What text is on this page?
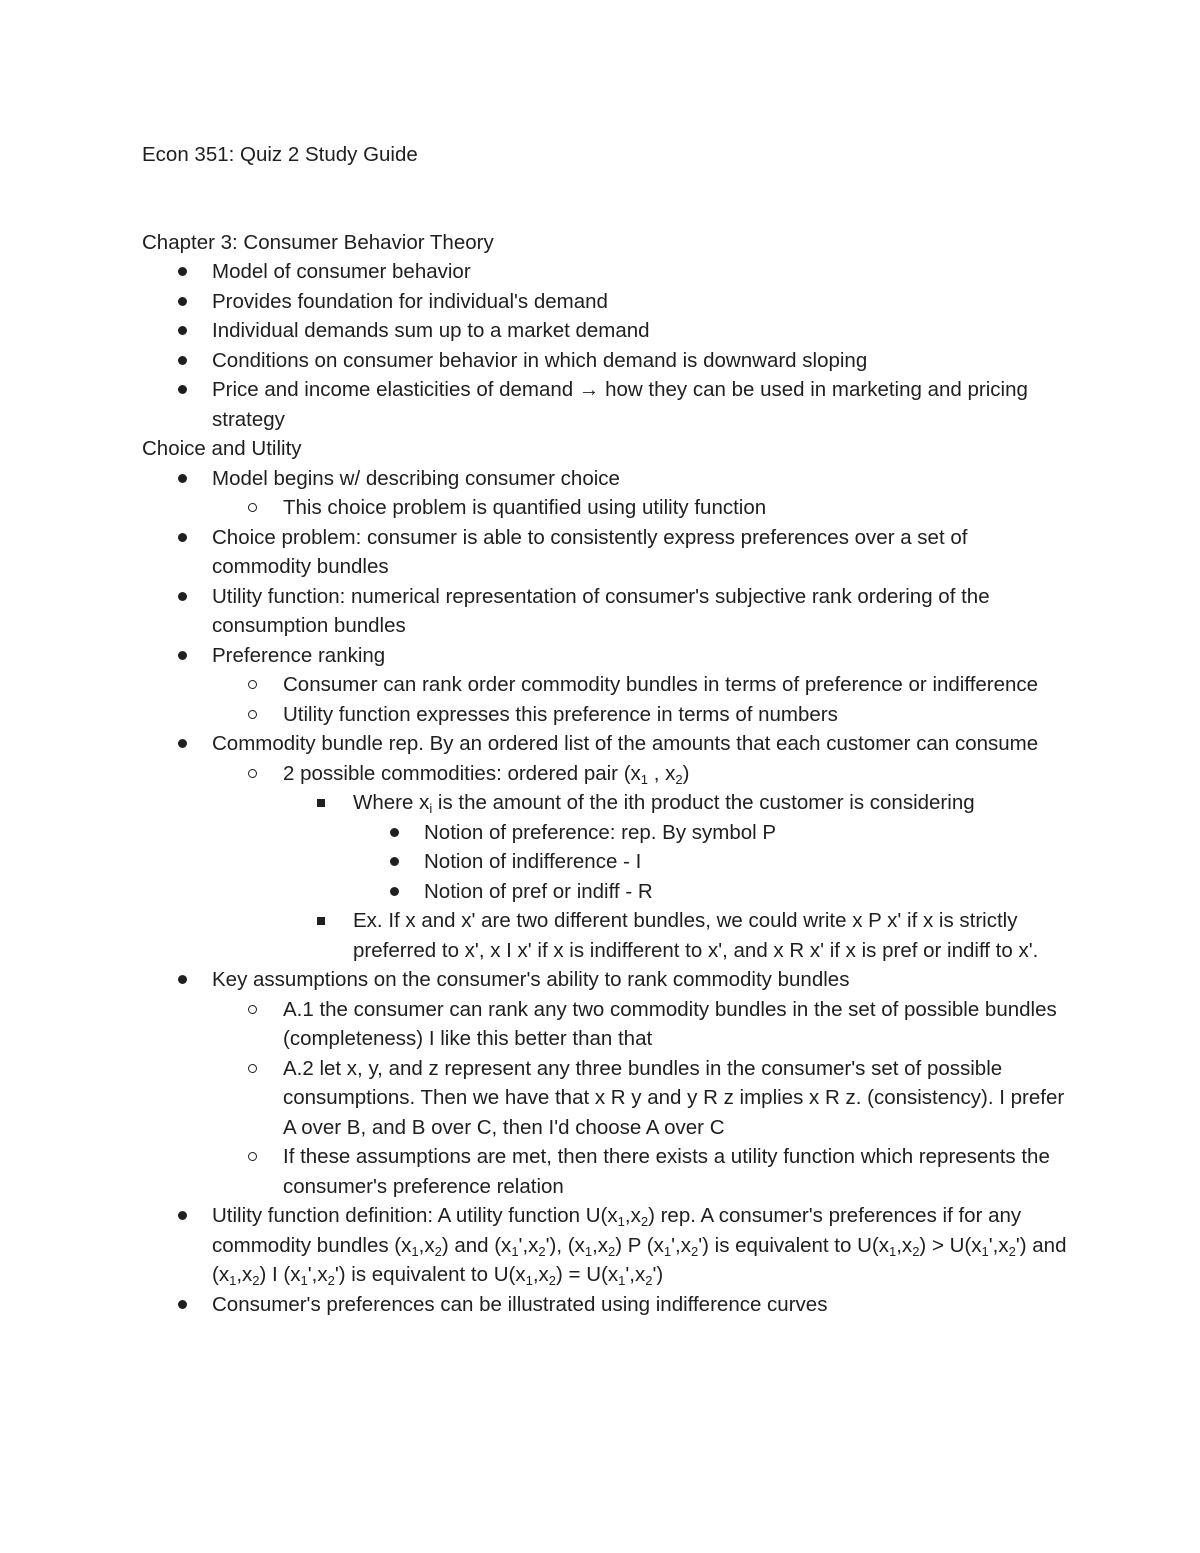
Econ 351: Quiz 2 Study Guide
Chapter 3: Consumer Behavior Theory
Model of consumer behavior
Provides foundation for individual's demand
Individual demands sum up to a market demand
Conditions on consumer behavior in which demand is downward sloping
Price and income elasticities of demand → how they can be used in marketing and pricing strategy
Choice and Utility
Model begins w/ describing consumer choice
This choice problem is quantified using utility function
Choice problem: consumer is able to consistently express preferences over a set of commodity bundles
Utility function: numerical representation of consumer's subjective rank ordering of the consumption bundles
Preference ranking
Consumer can rank order commodity bundles in terms of preference or indifference
Utility function expresses this preference in terms of numbers
Commodity bundle rep. By an ordered list of the amounts that each customer can consume
2 possible commodities: ordered pair ($x_1$ , $x_2$)
Where $x_i$ is the amount of the ith product the customer is considering
Notion of preference: rep. By symbol P
Notion of indifference - I
Notion of pref or indiff - R
Ex. If x and x' are two different bundles, we could write x P x' if x is strictly preferred to x', x I x' if x is indifferent to x', and x R x' if x is pref or indiff to x'.
Key assumptions on the consumer's ability to rank commodity bundles
A.1 the consumer can rank any two commodity bundles in the set of possible bundles (completeness) I like this better than that
A.2 let x, y, and z represent any three bundles in the consumer's set of possible consumptions. Then we have that x R y and y R z implies x R z. (consistency). I prefer A over B, and B over C, then I'd choose A over C
If these assumptions are met, then there exists a utility function which represents the consumer's preference relation
Utility function definition: A utility function $U(x_1,x_2)$ rep. A consumer's preferences if for any commodity bundles $(x_1,x_2)$ and $(x_1',x_2')$, $(x_1,x_2)$ P $(x_1',x_2')$ is equivalent to $U(x_1,x_2) > U(x_1',x_2')$ and $(x_1,x_2)$ I $(x_1',x_2')$ is equivalent to $U(x_1,x_2) = U(x_1',x_2')$
Consumer's preferences can be illustrated using indifference curves
